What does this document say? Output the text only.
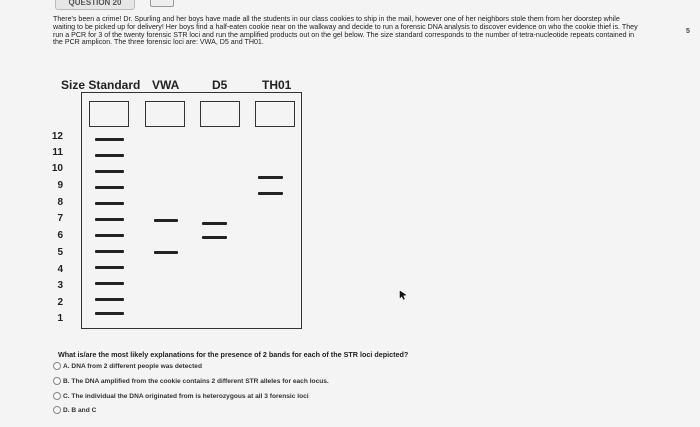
QUESTION 20
5
There's been a crime! Dr. Spurling and her boys have made all the students in our class cookies to ship in the mail, however one of her neighbors stole them from her doorstep while waiting to be picked up for delivery! Her boys find a half-eaten cookie near on the walkway and decide to run a forensic DNA analysis to discover evidence on who the cookie thief is. They run a PCR for 3 of the twenty forensic STR loci and run the amplified products out on the gel below. The size standard corresponds to the number of tetra-nucleotide repeats contained in the PCR amplicon. The three forensic loci are: VWA, D5 and TH01.
Size Standard VWA	D5	TH01
12
11
10
9
8
7
6
5
4
3
2
1
What is/are the most likely explanations for the presence of 2 bands for each of the STR loci depicted?
A. DNA from 2 different people was detected
B. The DNA amplified from the cookie contains 2 different STR alleles for each locus.
C. The individual the DNA originated from is heterozygous at all 3 forensic loci
D. B and C
